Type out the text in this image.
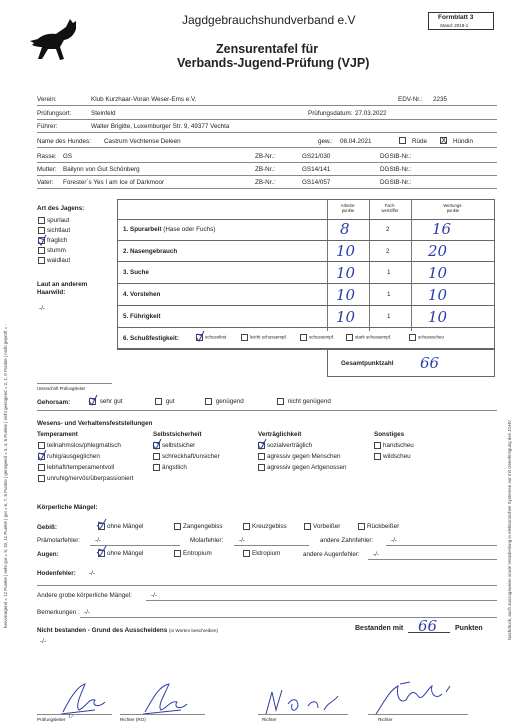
Jagdgebrauchshundverband e.V	Formblatt 3
Stand: 2018-1
Zensurentafel für
Verbands-Jugend-Prüfung (VJP)
Verein:	Klub Kurzhaar-Voran Weser-Ems e.V.	EDV-Nr.: 2235
Prüfungsort:	Steinfeld	Prüfungsdatum: 27.03.2022
Führer:	Walter Brigitte, Luxemburger Str. 9, 49377 Vechta
Name des Hundes: Castrum Vechtense Deleen	gew.: 08.04.2021	Rüde X Hündin
Rasse: GS	ZB-Nr.:	GS21/030	DGStB-Nr.:
Mutter: Bailynn von Gut Schönberg	ZB-Nr.:	GS14/141	DGStB-Nr.:
Vater: Forester´s Yes I am Ice of Darkmoor	ZB-Nr.:	GS14/057	DGStB-Nr.:
Art des Jagens:
spurlaut
sichtlaut
fraglich
stumm
waidlaut
Laut an anderem
Haarwild:
-/-
Arbeits-
punkte
Fach-
wertziffer
Wertungs-
punkte
1. Spurarbeit (Hase oder Fuchs)	8	2	16
2. Nasengebrauch	10	2	20
3. Suche	10	1 10
4. Vorstehen	10	1 10
5. Führigkeit	10	1 10
6. Schußfestigkeit:	schussfest	leicht schussempf.	schussempf.	stark schussempf.	schussscheu
Gesamtpunktzahl 66
Unterschrift Prüfungsleiter
Gehorsam:	sehr gut	gut	genügend	nicht genügend
Wesens- und Verhaltensfeststellungen
Temperament
teilnahmslos/phlegmatisch
ruhig/ausgeglichen
lebhaft/temperamentvoll
unruhig/nervös/überpassioniert
Selbstsicherheit
selbstsicher
schreckhaft/unsicher
ängstlich
Verträglichkeit
sozialverträglich
agressiv gegen Menschen
agressiv gegen Artgenossen
Sonstiges
handscheu
wildscheu
Körperliche Mängel:
Gebiß:	ohne Mängel	Zangengebiss	Kreuzgebiss	Vorbeißer	Rückbeißer
Prämolarfehler: -/-	Molarfehler:	-/-	andere Zahnfehler:	-/-
Augen:	ohne Mängel	Entropium	Ektropium	andere Augenfehler: -/-
Hodenfehler: -/-
Andere grobe körperliche Mängel:	-/-
Bemerkungen : -/-
Nicht bestanden - Grund des Ausscheidens (in Worten beschreiben)
-/-
Bestanden mit 66	Punkten
Prüfungsleiter 1/-	Richter (RO)	Richter	Richter
hervorragend = 12 Punkte | sehr gut = 9, 10, 11 Punkte | gut = 6, 7, 8 Punkte | genügend = 3, 4, 5 Punkte | nicht genügend = 2, 1, 0 Punkte | nicht geprüft = -	Nachdruck, auch auszugsweise sowie Verarbeitung in elektronischen Systemen nur mit Genehmigung des JGHV
